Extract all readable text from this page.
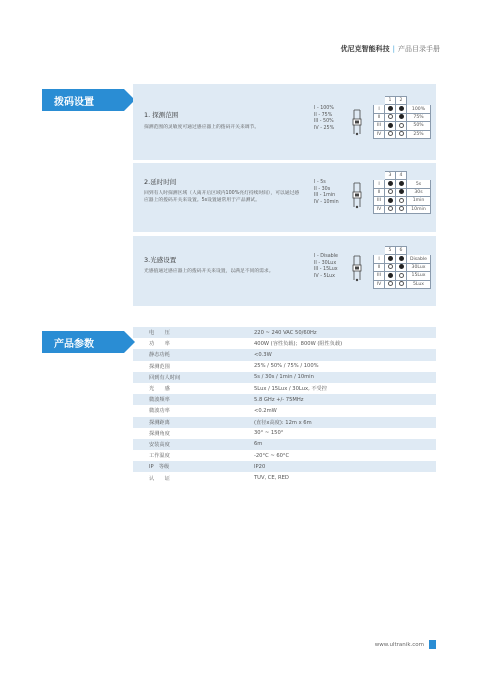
优尼克智能科技 | 产品目录手册
拨码设置
产品参数
1. 探测范围
探测范围的灵敏度可通过感应器上的拨码开关来调节。
I - 100%
II - 75%
III - 50%
IV - 25%
	1	2	
I			100%
II			75%
III			50%
IV			25%
2.延时时间
回到有人时探测区域（人离开后区域内100%亮灯持续时间），可以通过感应器上的拨码开关来设置。5s设置通常用于产品测试。
I - 5s
II - 30s
III - 1min
IV - 10min
	3	4	
I			5s
II			30s
III			1min
IV			10min
3.光感设置
光感值通过感应器上的拨码开关来设置，以满足不同的需求。
I - Disable
II - 30Lux
III - 15Lux
IV - 5Lux
	5	6	
I			Disable
II			30Lux
III			15Lux
IV			5Lux
电　　压	220 ~ 240 VAC 50/60Hz
功　　率	400W (容性负载)；800W (阻性负载)
静态功耗	<0.3W
探测范围	25% / 50% / 75% / 100%
回到有人时间	5s / 30s / 1min / 10min
光　　感	5Lux / 15Lux / 30Lux, 不受控
微波频率	5.8 GHz +/- 75MHz
微波功率	<0.2mW
探测距离	(直径x高度): 12m x 6m
探测角度	30° ~ 150°
安装高度	6m
工作温度	-20°C ~ 60°C
IP　等级	IP20
认　　证	TUV, CE, RED
www.ultranik.com
